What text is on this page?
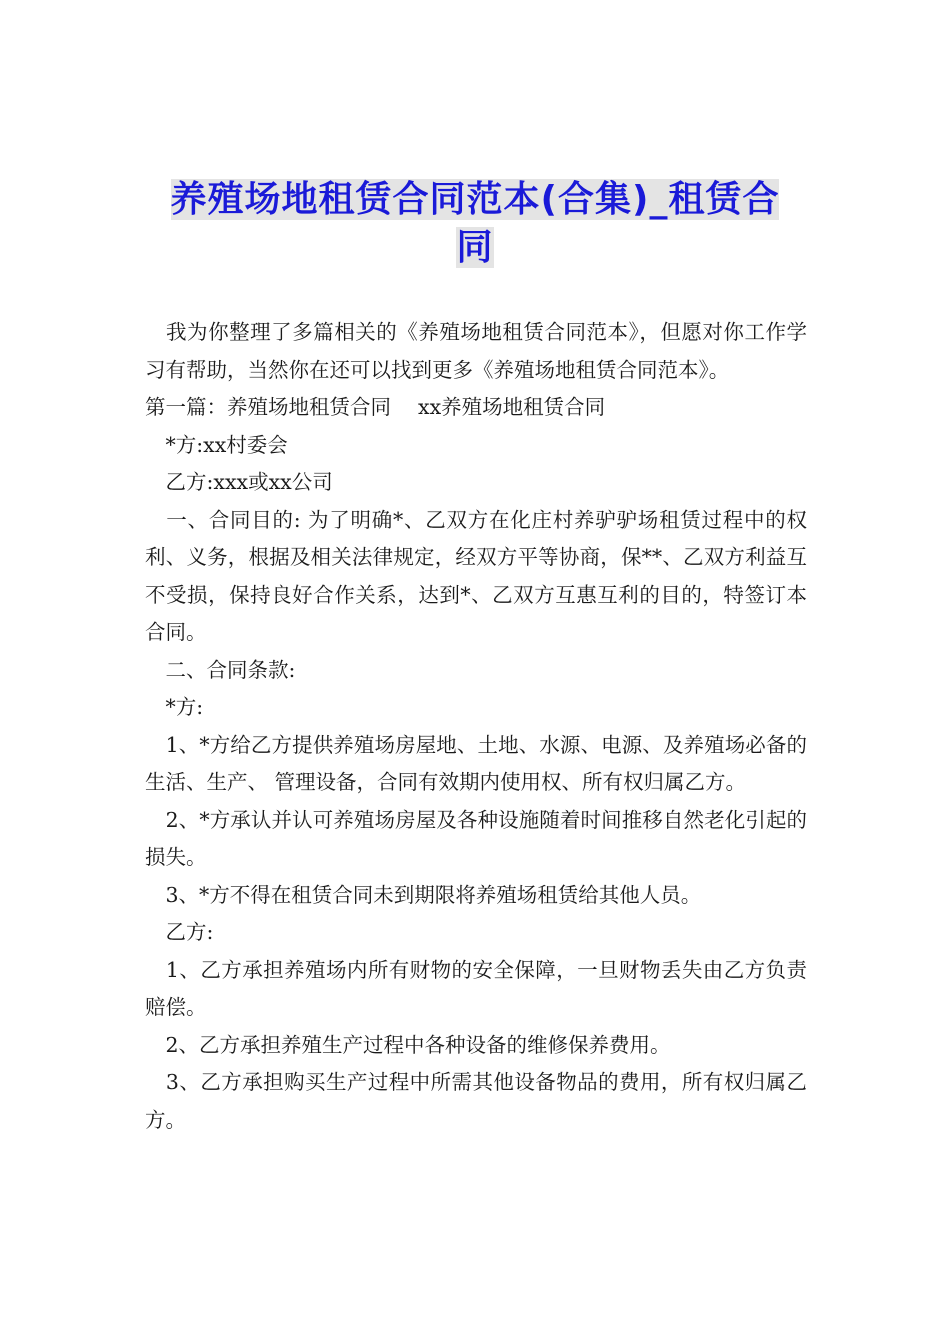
养殖场地租赁合同范本(合集)_租赁合
同

　我为你整理了多篇相关的《养殖场地租赁合同范本》，但愿对你工作学习有帮助，当然你在还可以找到更多《养殖场地租赁合同范本》。

第一篇：养殖场地租赁合同　 xx养殖场地租赁合同

　*方:xx村委会

　乙方:xxx或xx公司

　一、合同目的: 为了明确*、乙双方在化庄村养驴驴场租赁过程中的权利、义务，根据及相关法律规定，经双方平等协商，保**、乙双方利益互不受损，保持良好合作关系，达到*、乙双方互惠互利的目的，特签订本合同。

　二、合同条款:

　*方:

　1、*方给乙方提供养殖场房屋地、土地、水源、电源、及养殖场必备的生活、生产、 管理设备，合同有效期内使用权、所有权归属乙方。

　2、*方承认并认可养殖场房屋及各种设施随着时间推移自然老化引起的损失。

　3、*方不得在租赁合同未到期限将养殖场租赁给其他人员。

　乙方:

　1、乙方承担养殖场内所有财物的安全保障，一旦财物丢失由乙方负责赔偿。

　2、乙方承担养殖生产过程中各种设备的维修保养费用。

　3、乙方承担购买生产过程中所需其他设备物品的费用，所有权归属乙方。
